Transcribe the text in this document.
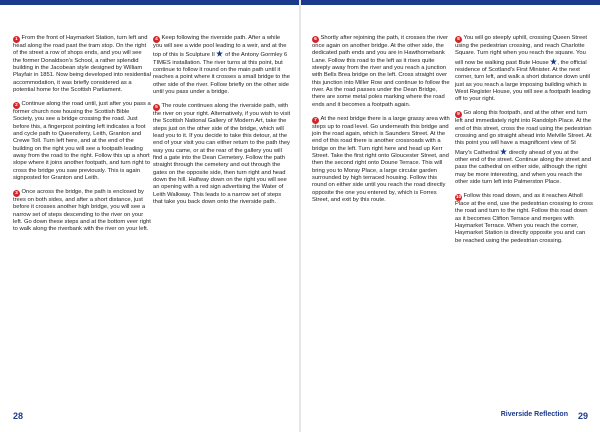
1 From the front of Haymarket Station, turn left and head along the road past the tram stop. On the right of the street a row of shops ends, and you will see the former Donaldson's School, a rather splendid building in the Jacobean style designed by William Playfair in 1851. Now being developed into residential accommodation, it was briefly considered as a potential home for the Scottish Parliament.

2 Continue along the road until, just after you pass a former church now housing the Scottish Bible Society, you see a bridge crossing the road. Just before this, a fingerpost pointing left indicates a foot and cycle path to Queensferry, Leith, Granton and Crewe Toll. Turn left here, and at the end of the building on the right you will see a footpath leading away from the road to the right. Follow this up a short slope where it joins another footpath, and turn right to cross the bridge you saw previously. This is again signposted for Granton and Leith.

3 Once across the bridge, the path is enclosed by trees on both sides, and after a short distance, just before it crosses another high bridge, you will see a narrow set of steps descending to the river on your left. Go down these steps and at the bottom veer right to walk along the riverbank with the river on your left.

4 Keep following the riverside path. After a while you will see a wide pool leading to a weir, and at the top of this is Sculpture II
of the Antony Gormley 6 TIMES installation. The river turns at this point, but continue to follow it round on the main path until it reaches a point where it crosses a small bridge to the other side of the river. Follow briefly on the other side until you pass under a bridge.

5 The route continues along the riverside path, with the river on your right. Alternatively, if you wish to visit the Scottish National Gallery of Modern Art, take the steps just on the other side of the bridge, which will lead you to it. If you decide to take this detour, at the end of your visit you can either return to the path they way you came, or at the rear of the gallery you will find a gate into the Dean Cemetery. Follow the path straight through the cemetery and out through the gates on the opposite side, then turn right and head down the hill. Halfway down on the right you will see an opening with a red sign advertising the Water of Leith Walkway. This leads to a narrow set of steps that take you back down onto the riverside path.

6 Shortly after rejoining the path, it crosses the river once again on another bridge. At the other side, the dedicated path ends and you are in Hawthornebank Lane. Follow this road to the left as it rises quite steeply away from the river and you reach a junction with Bells Brea bridge on the left. Cross straight over this junction into Miller Row and continue to follow the river. As the road passes under the Dean Bridge, there are some metal poles marking where the road ends and it becomes a footpath again.

7 At the next bridge there is a large grassy area with steps up to road level. Go underneath this bridge and join the road again, which is Saunders Street. At the end of this road there is another crossroads with a bridge on the left. Turn right here and head up Kerr Street. Take the first right onto Gloucester Street, and then the second right onto Doune Terrace. This will bring you to Moray Place, a large circular garden surrounded by high terraced housing. Follow this round on either side until you reach the road directly opposite the one you entered by, which is Forres Street, and exit by this route.

8 You will go steeply uphill, crossing Queen Street using the pedestrian crossing, and reach Charlotte Square. Turn right when you reach the square. You will now be walking past Bute House
, the official residence of Scotland's First Minister. At the next corner, turn left, and walk a short distance down until just as you reach a large imposing building which is West Register House, you will see a footpath leading off to your right.

9 Go along this footpath, and at the other end turn left and immediately right into Randolph Place. At the end of this street, cross the road using the pedestrian crossing and go straight ahead into Melville Street. At this point you will have a magnificent view of St Mary's Cathedral
directly ahead of you at the other end of the street. Continue along the street and pass the cathedral on either side, although the right may be more interesting, and when you reach the other side turn left into Palmerston Place.

10 Follow this road down, and as it reaches Atholl Place at the end, use the pedestrian crossing to cross the road and turn to the right. Follow this road down as it becomes Clifton Terrace and merges with Haymarket Terrace. When you reach the corner, Haymarket Station is directly opposite you and can be reached using the pedestrian crossing.

28	Riverside Reflection 29
